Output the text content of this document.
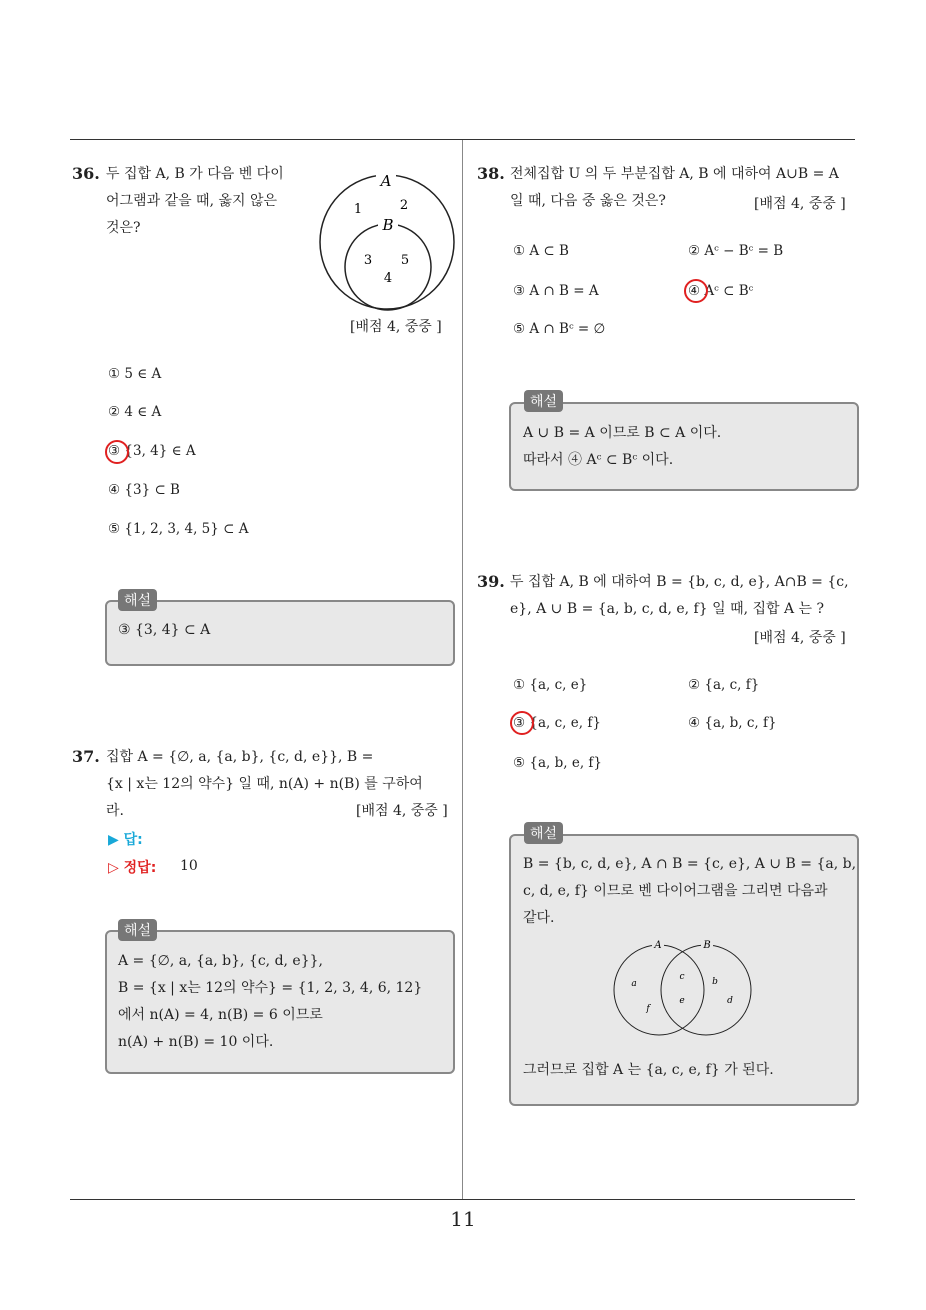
36. 두 집합 A, B 가 다음 벤 다이
어그램과 같을 때, 옳지 않은
것은?
A
B
1	2
3 5
4
[배점 4, 중중 ]
① 5 ∈ A
② 4 ∈ A
③ {3, 4} ∈ A
④ {3} ⊂ B
⑤ {1, 2, 3, 4, 5} ⊂ A
해설
③ {3, 4} ⊂ A
37. 집합 A = {∅, a, {a, b}, {c, d, e}}, B =
{x | x는 12의 약수} 일 때, n(A) + n(B) 를 구하여
라.	[배점 4, 중중 ]
▶ 답:
▷ 정답: 10
해설
A = {∅, a, {a, b}, {c, d, e}},
B = {x | x는 12의 약수} = {1, 2, 3, 4, 6, 12}
에서 n(A) = 4, n(B) = 6 이므로
n(A) + n(B) = 10 이다.
38. 전체집합 U 의 두 부분집합 A, B 에 대하여 A∪B = A
일 때, 다음 중 옳은 것은?	[배점 4, 중중 ]
① A ⊂ B	② Aᶜ − Bᶜ = B
③ A ∩ B = A	④ Aᶜ ⊂ Bᶜ
⑤ A ∩ Bᶜ = ∅
해설
A ∪ B = A 이므로 B ⊂ A 이다.
따라서 ④ Aᶜ ⊂ Bᶜ 이다.
39. 두 집합 A, B 에 대하여 B = {b, c, d, e}, A∩B = {c,
e}, A ∪ B = {a, b, c, d, e, f} 일 때, 집합 A 는 ?
[배점 4, 중중 ]
① {a, c, e}	② {a, c, f}
③ {a, c, e, f}	④ {a, b, c, f}
⑤ {a, b, e, f}
해설
B = {b, c, d, e}, A ∩ B = {c, e}, A ∪ B = {a, b,
c, d, e, f} 이므로 벤 다이어그램을 그리면 다음과
같다.
A	B
a
f
c
e
b
d
그러므로 집합 A 는 {a, c, e, f} 가 된다.
11
